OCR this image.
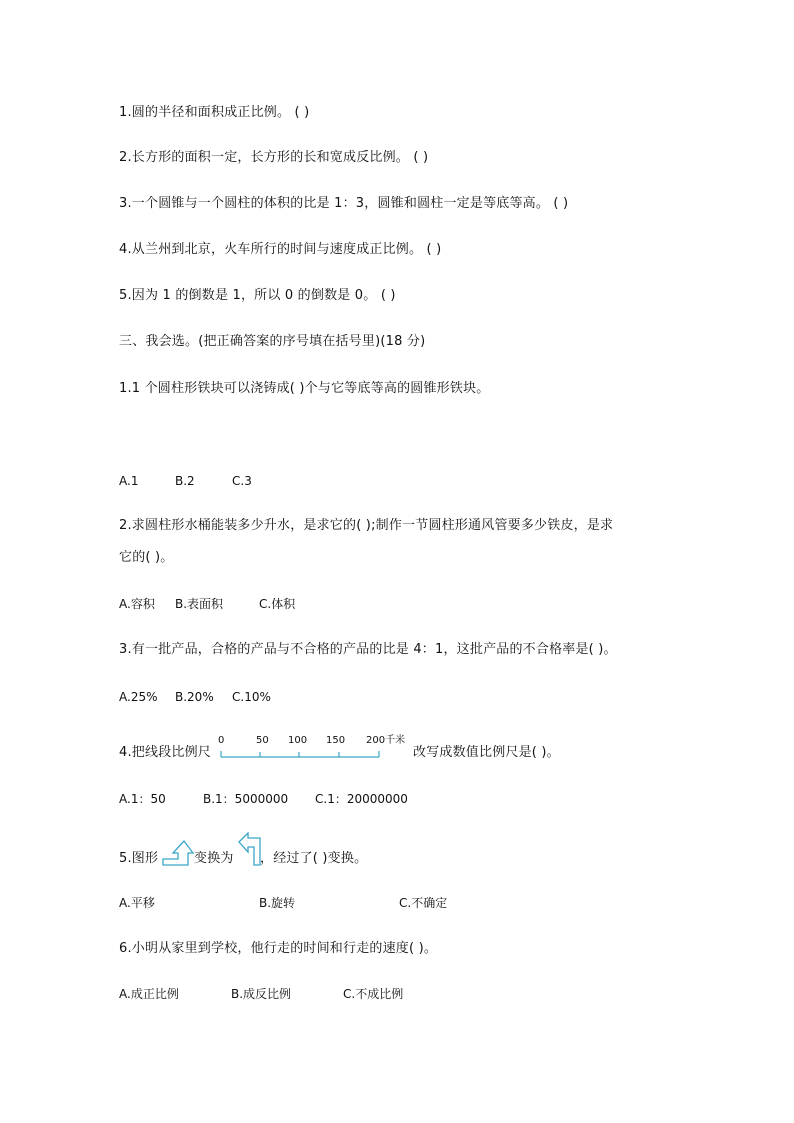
1.圆的半径和面积成正比例。 ( )

2.长方形的面积一定，长方形的长和宽成反比例。 ( )

3.一个圆锥与一个圆柱的体积的比是 1：3，圆锥和圆柱一定是等底等高。 ( )

4.从兰州到北京，火车所行的时间与速度成正比例。 ( )

5.因为 1 的倒数是 1，所以 0 的倒数是 0。 ( )

三、我会选。(把正确答案的序号填在括号里)(18 分)

1.1 个圆柱形铁块可以浇铸成( )个与它等底等高的圆锥形铁块。

A.1	B.2	C.3

2.求圆柱形水桶能装多少升水，是求它的( );制作一节圆柱形通风管要多少铁皮，是求

它的( )。

A.容积 B.表面积	C.体积

3.有一批产品，合格的产品与不合格的产品的比是 4：1，这批产品的不合格率是( )。

A.25% B.20% C.10%

4.把线段比例尺

0	50 100 150 200千米

改写成数值比例尺是( )。

A.1：50	B.1：5000000 C.1：20000000

5.图形	变换为 ，经过了( )变换。

A.平移	B.旋转	C.不确定

6.小明从家里到学校，他行走的时间和行走的速度( )。

A.成正比例	B.成反比例	C.不成比例
